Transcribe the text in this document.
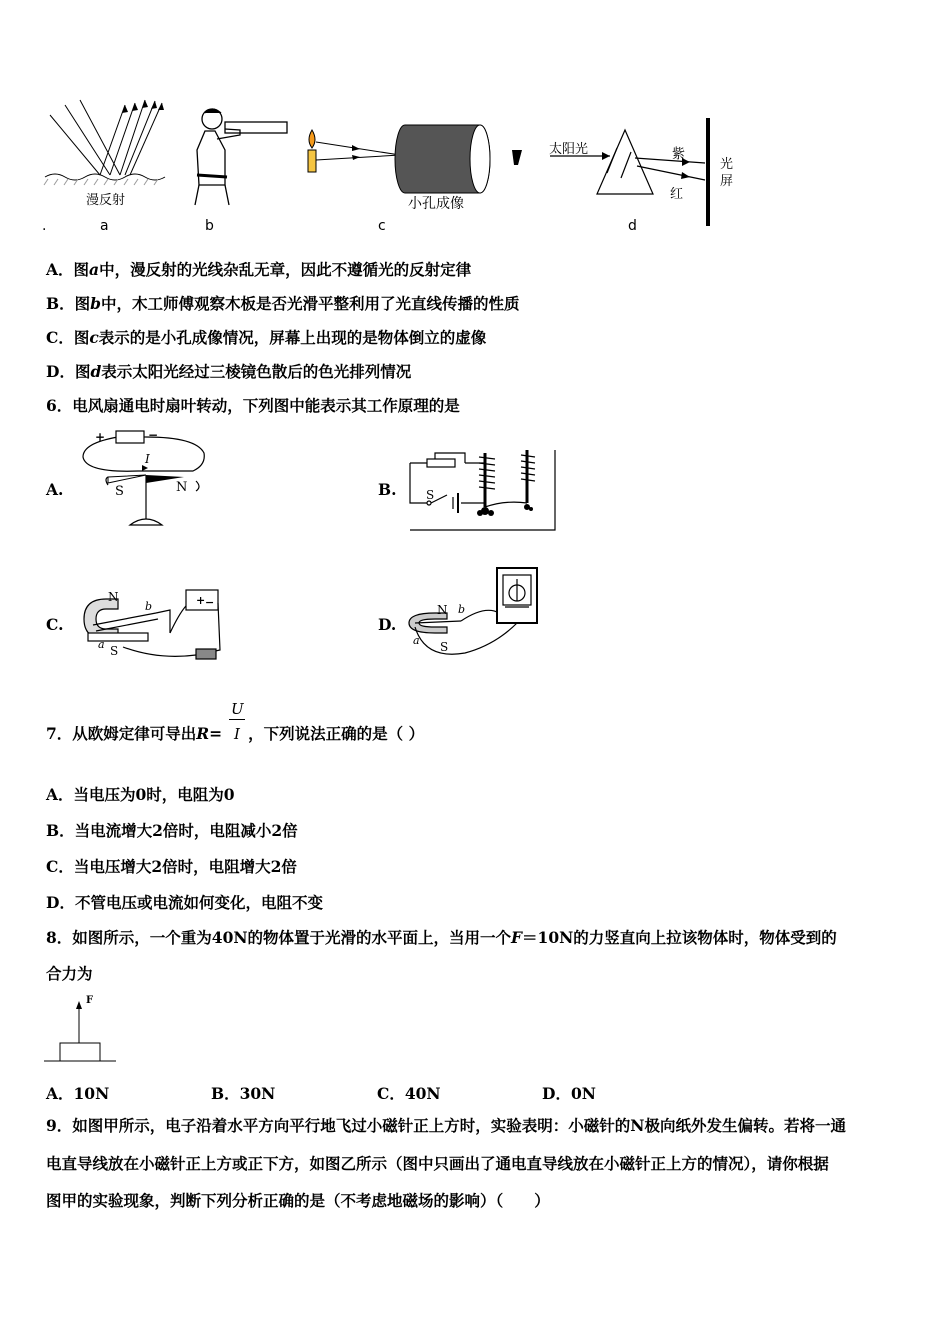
漫反射	小孔成像
太阳光	紫
红
光屏
.	a	b	c	d
A．图a中，漫反射的光线杂乱无章，因此不遵循光的反射定律
B．图b中，木工师傅观察木板是否光滑平整利用了光直线传播的性质
C．图c表示的是小孔成像情况，屏幕上出现的是物体倒立的虚像
D．图d表示太阳光经过三棱镜色散后的色光排列情况
6．电风扇通电时扇叶转动，下列图中能表示其工作原理的是
A.
+	−
I
S	N	B. S
C.
N
S
a
b	+ −
D.
N
S
a
b
7．从欧姆定律可导出R= ，下列说法正确的是（ ）
U
I
A．当电压为0时，电阻为0
B．当电流增大2倍时，电阻减小2倍
C．当电压增大2倍时，电阻增大2倍
D．不管电压或电流如何变化，电阻不变
8．如图所示，一个重为40N的物体置于光滑的水平面上，当用一个F＝10N的力竖直向上拉该物体时，物体受到的
合力为
F
A．10N	B．30N	C．40N	D．0N
9．如图甲所示，电子沿着水平方向平行地飞过小磁针正上方时，实验表明：小磁针的N极向纸外发生偏转。若将一通
电直导线放在小磁针正上方或正下方，如图乙所示（图中只画出了通电直导线放在小磁针正上方的情况），请你根据
图甲的实验现象，判断下列分析正确的是（不考虑地磁场的影响）（　　）
